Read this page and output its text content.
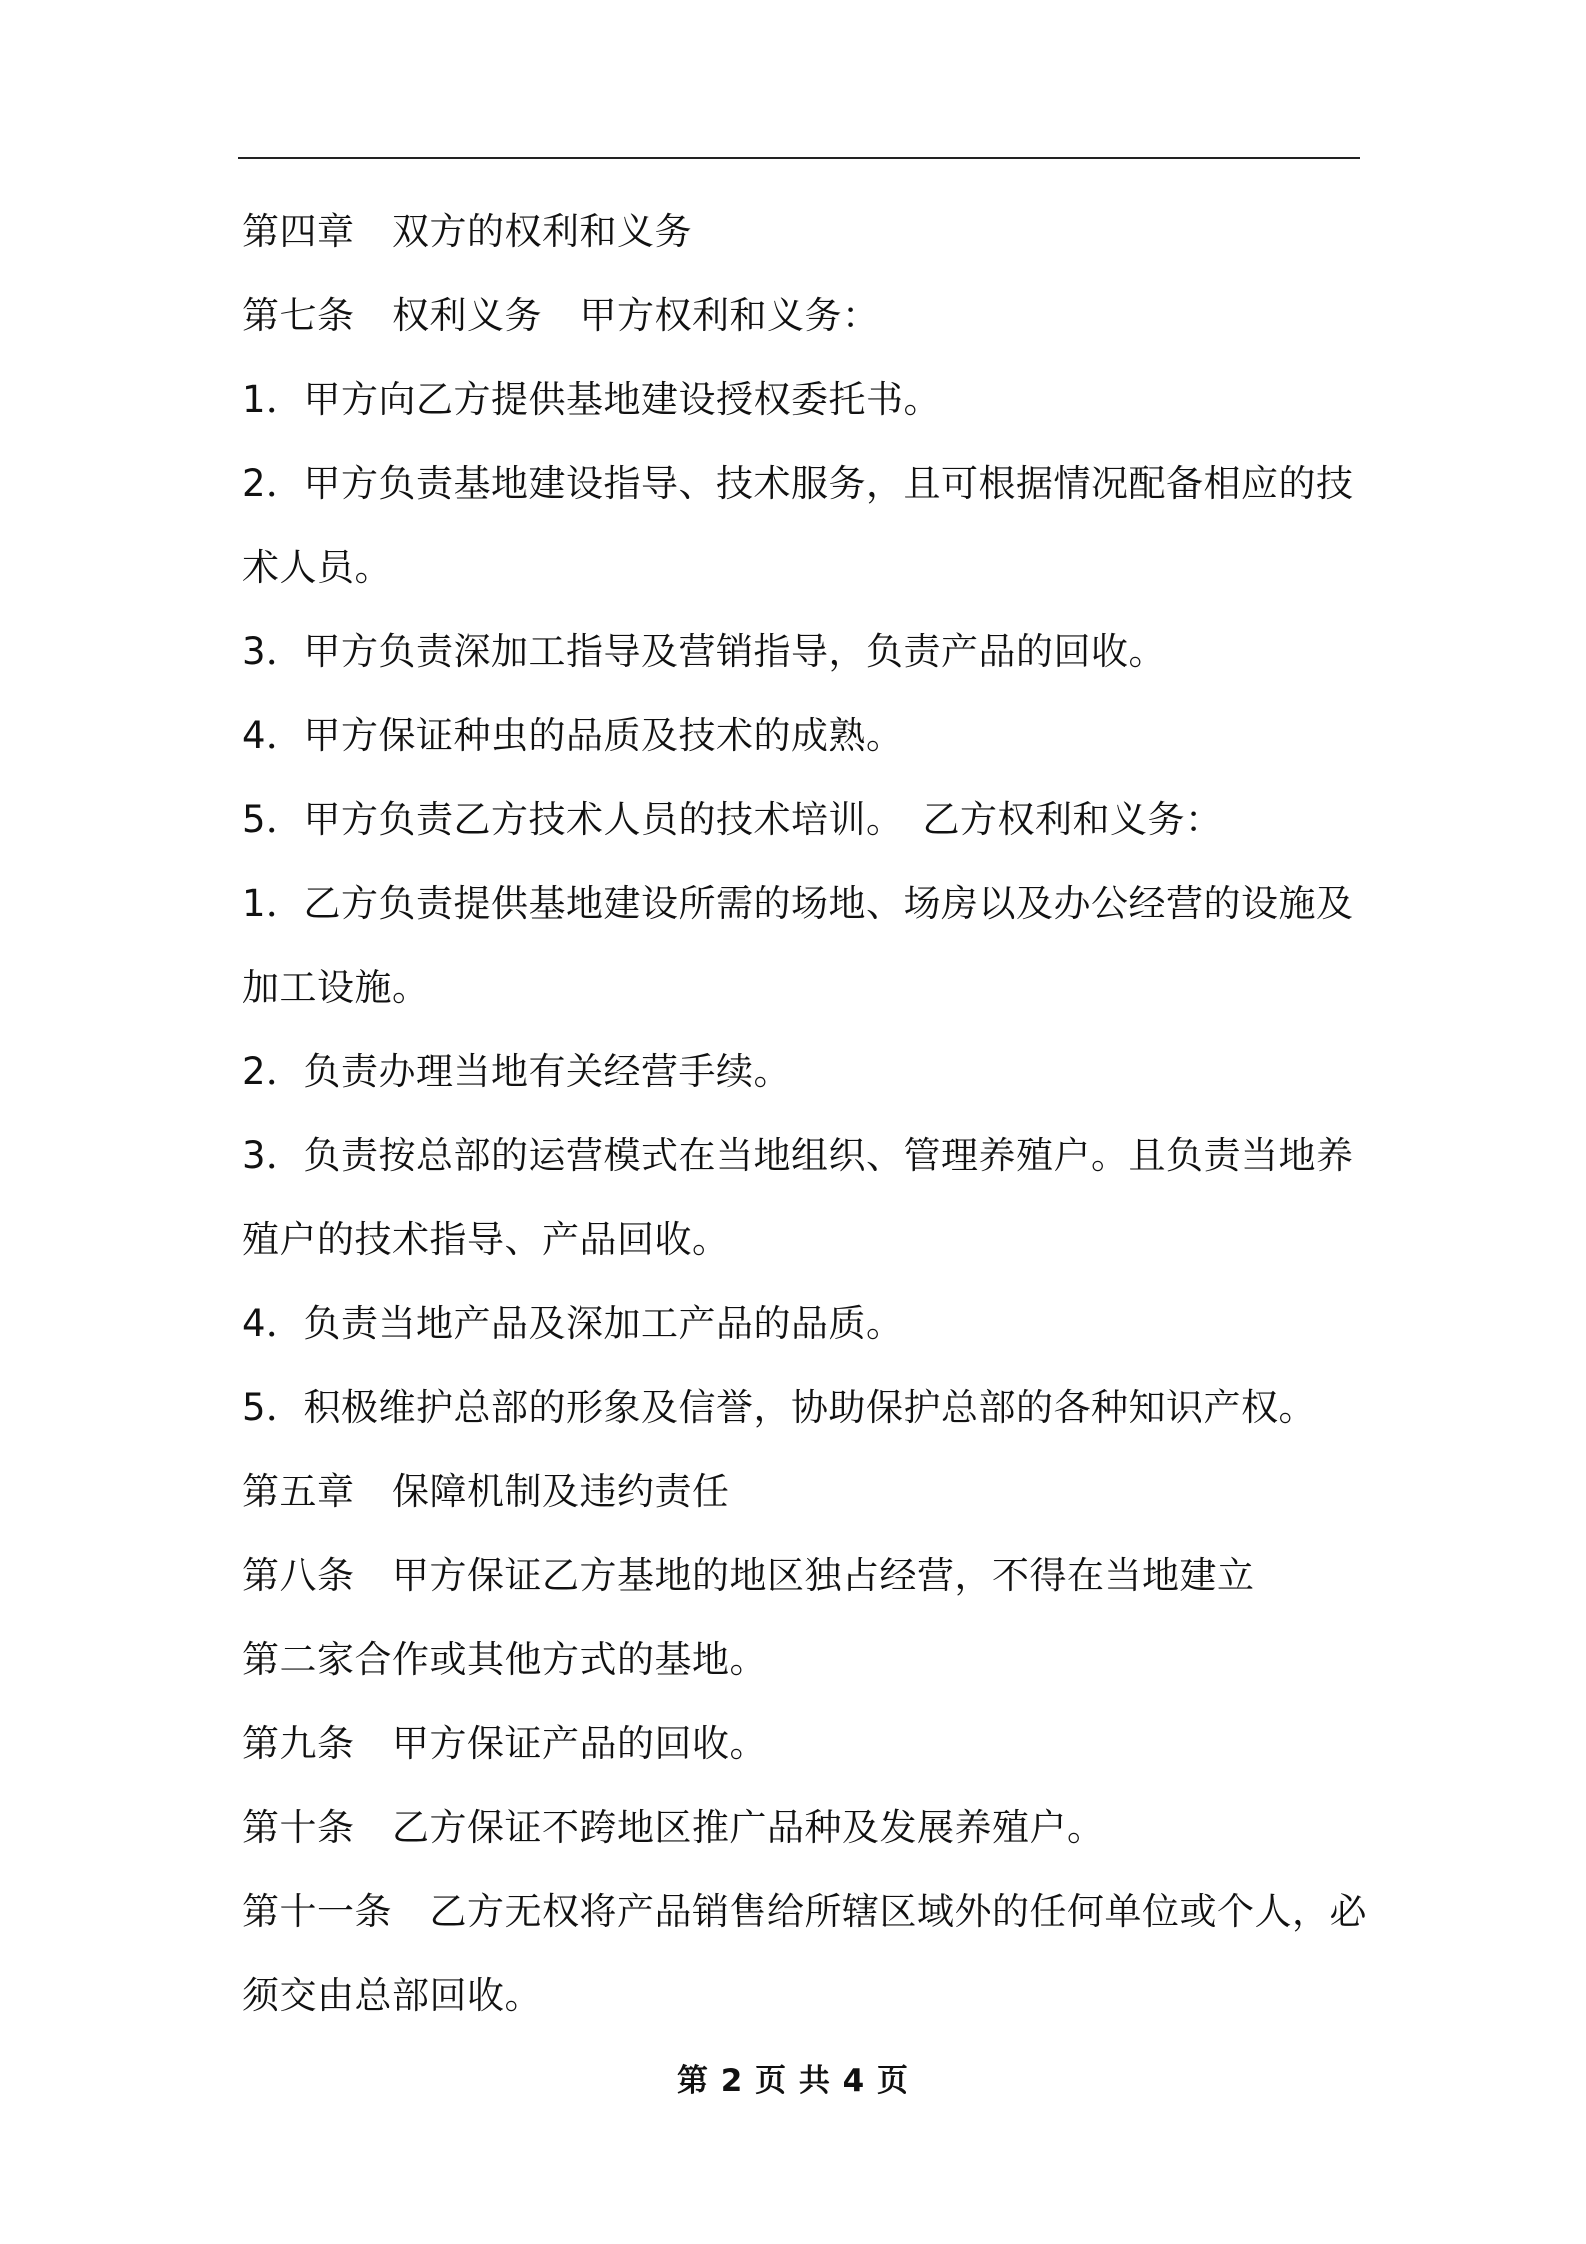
第四章　双方的权利和义务
第七条　权利义务　甲方权利和义务：
1．甲方向乙方提供基地建设授权委托书。
2．甲方负责基地建设指导、技术服务，且可根据情况配备相应的技
术人员。
3．甲方负责深加工指导及营销指导，负责产品的回收。
4．甲方保证种虫的品质及技术的成熟。
5．甲方负责乙方技术人员的技术培训。　乙方权利和义务：
1．乙方负责提供基地建设所需的场地、场房以及办公经营的设施及
加工设施。
2．负责办理当地有关经营手续。
3．负责按总部的运营模式在当地组织、管理养殖户。且负责当地养
殖户的技术指导、产品回收。
4．负责当地产品及深加工产品的品质。
5．积极维护总部的形象及信誉，协助保护总部的各种知识产权。
第五章　保障机制及违约责任
第八条　甲方保证乙方基地的地区独占经营，不得在当地建立
第二家合作或其他方式的基地。
第九条　甲方保证产品的回收。
第十条　乙方保证不跨地区推广品种及发展养殖户。
第十一条　乙方无权将产品销售给所辖区域外的任何单位或个人，必
须交由总部回收。
第 2 页 共 4 页
